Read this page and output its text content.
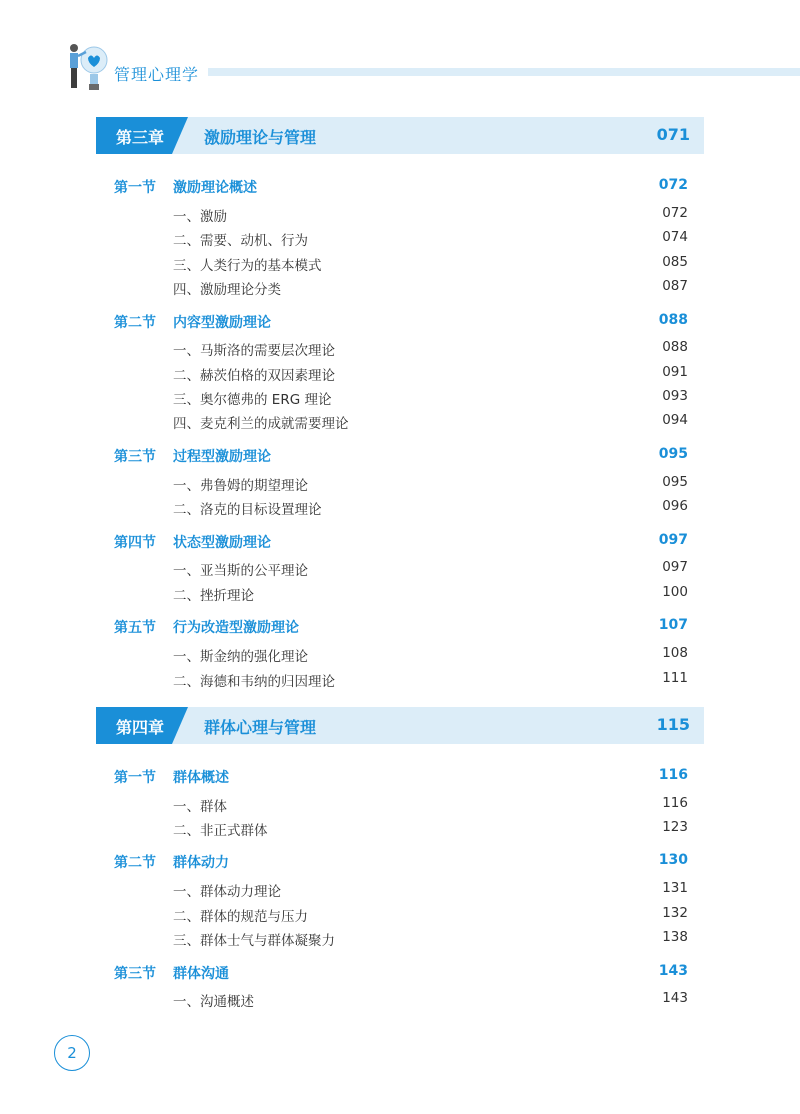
管理心理学
第三章 激励理论与管理	071
第一节 激励理论概述	072
一、激励	072
二、需要、动机、行为	074
三、人类行为的基本模式	085
四、激励理论分类	087
第二节 内容型激励理论	088
一、马斯洛的需要层次理论	088
二、赫茨伯格的双因素理论	091
三、奥尔德弗的 ERG 理论	093
四、麦克利兰的成就需要理论	094
第三节 过程型激励理论	095
一、弗鲁姆的期望理论	095
二、洛克的目标设置理论	096
第四节 状态型激励理论	097
一、亚当斯的公平理论	097
二、挫折理论	100
第五节 行为改造型激励理论	107
一、斯金纳的强化理论	108
二、海德和韦纳的归因理论	111
第四章 群体心理与管理	115
第一节 群体概述	116
一、群体	116
二、非正式群体	123
第二节 群体动力	130
一、群体动力理论	131
二、群体的规范与压力	132
三、群体士气与群体凝聚力	138
第三节 群体沟通	143
一、沟通概述	143
2
